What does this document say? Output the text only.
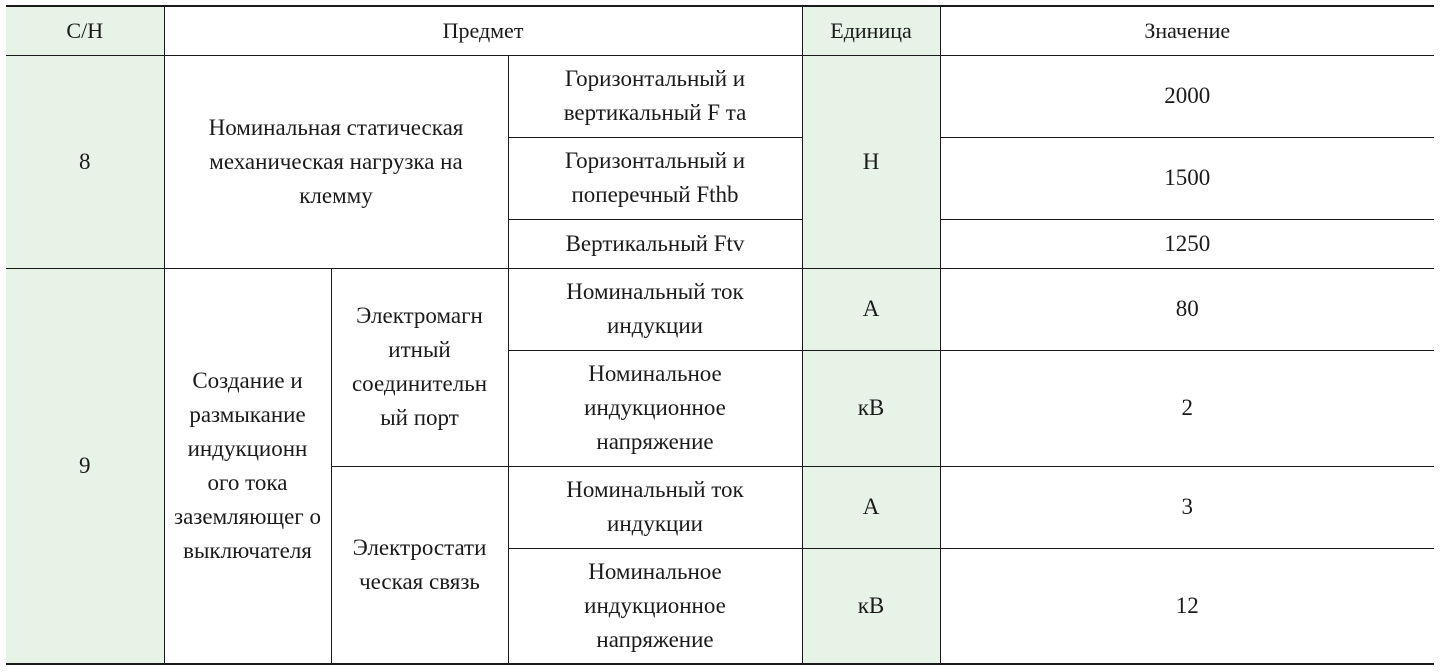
С/Н	Предмет			Единица	Значение
8	Номинальная статическая механическая нагрузка на клемму		Горизонтальный и вертикальный F та	Н	2000
			Горизонтальный и поперечный Fthb		1500
			Вертикальный Ftv		1250
9	Создание и размыкание индукционн ого тока заземляющег о выключателя	Электромагн итный соединительн ый порт	Номинальный ток индукции	A	80
			Номинальное индукционное напряжение	кВ	2
		Электростати ческая связь	Номинальный ток индукции	A	3
			Номинальное индукционное напряжение	кВ	12
